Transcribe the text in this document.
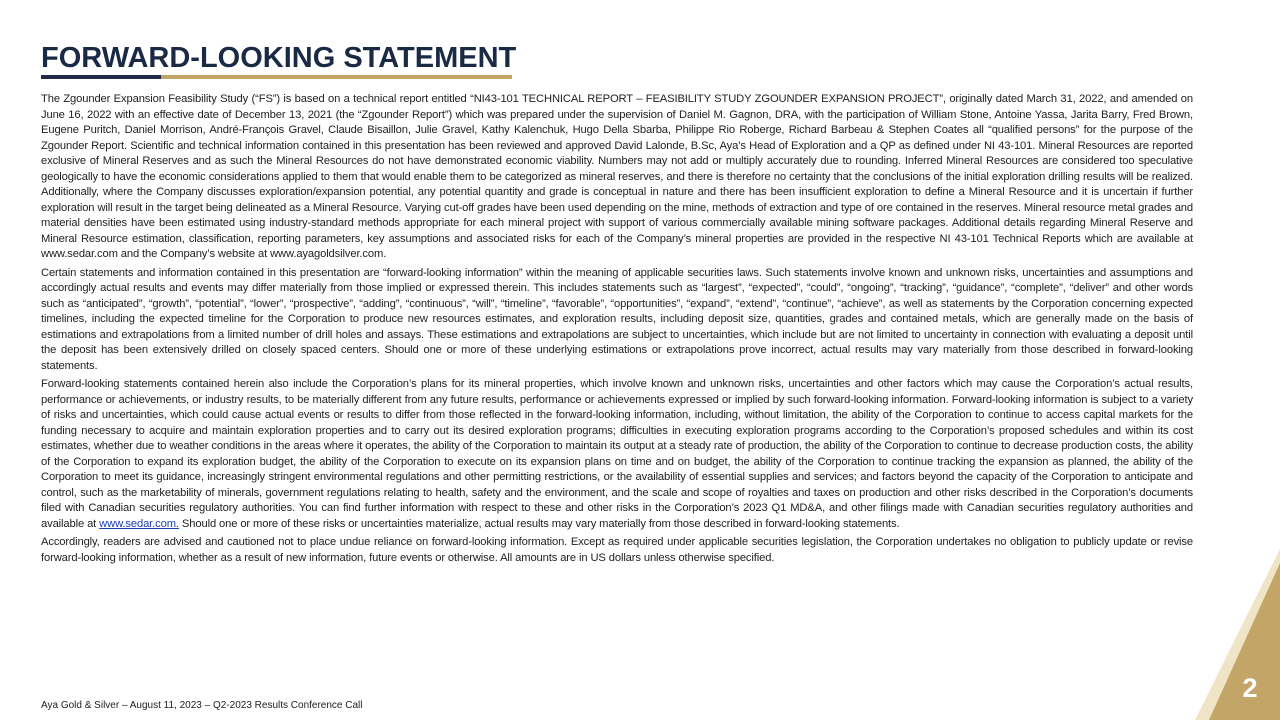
FORWARD-LOOKING STATEMENT

The Zgounder Expansion Feasibility Study (“FS”) is based on a technical report entitled “NI43-101 TECHNICAL REPORT – FEASIBILITY STUDY ZGOUNDER EXPANSION PROJECT”, originally dated March 31, 2022, and amended on June 16, 2022 with an effective date of December 13, 2021 (the “Zgounder Report”) which was prepared under the supervision of Daniel M. Gagnon, DRA, with the participation of William Stone, Antoine Yassa, Jarita Barry, Fred Brown, Eugene Puritch, Daniel Morrison, André-François Gravel, Claude Bisaillon, Julie Gravel, Kathy Kalenchuk, Hugo Della Sbarba, Philippe Rio Roberge, Richard Barbeau & Stephen Coates all “qualified persons” for the purpose of the Zgounder Report. Scientific and technical information contained in this presentation has been reviewed and approved David Lalonde, B.Sc, Aya’s Head of Exploration and a QP as defined under NI 43-101. Mineral Resources are reported exclusive of Mineral Reserves and as such the Mineral Resources do not have demonstrated economic viability. Numbers may not add or multiply accurately due to rounding. Inferred Mineral Resources are considered too speculative geologically to have the economic considerations applied to them that would enable them to be categorized as mineral reserves, and there is therefore no certainty that the conclusions of the initial exploration drilling results will be realized. Additionally, where the Company discusses exploration/expansion potential, any potential quantity and grade is conceptual in nature and there has been insufficient exploration to define a Mineral Resource and it is uncertain if further exploration will result in the target being delineated as a Mineral Resource. Varying cut-off grades have been used depending on the mine, methods of extraction and type of ore contained in the reserves. Mineral resource metal grades and material densities have been estimated using industry-standard methods appropriate for each mineral project with support of various commercially available mining software packages. Additional details regarding Mineral Reserve and Mineral Resource estimation, classification, reporting parameters, key assumptions and associated risks for each of the Company’s mineral properties are provided in the respective NI 43-101 Technical Reports which are available at www.sedar.com and the Company’s website at www.ayagoldsilver.com.

Certain statements and information contained in this presentation are “forward-looking information” within the meaning of applicable securities laws. Such statements involve known and unknown risks, uncertainties and assumptions and accordingly actual results and events may differ materially from those implied or expressed therein. This includes statements such as “largest”, “expected”, “could”, “ongoing”, “tracking”, “guidance”, “complete”, “deliver” and other words such as “anticipated”, “growth”, “potential”, “lower”, “prospective”, “adding”, “continuous”, “will”, “timeline”, “favorable”, “opportunities”, “expand”, “extend”, “continue”, “achieve”, as well as statements by the Corporation concerning expected timelines, including the expected timeline for the Corporation to produce new resources estimates, and exploration results, including deposit size, quantities, grades and contained metals, which are generally made on the basis of estimations and extrapolations from a limited number of drill holes and assays. These estimations and extrapolations are subject to uncertainties, which include but are not limited to uncertainty in connection with evaluating a deposit until the deposit has been extensively drilled on closely spaced centers. Should one or more of these underlying estimations or extrapolations prove incorrect, actual results may vary materially from those described in forward-looking statements.

Forward-looking statements contained herein also include the Corporation’s plans for its mineral properties, which involve known and unknown risks, uncertainties and other factors which may cause the Corporation’s actual results, performance or achievements, or industry results, to be materially different from any future results, performance or achievements expressed or implied by such forward-looking information. Forward-looking information is subject to a variety of risks and uncertainties, which could cause actual events or results to differ from those reflected in the forward-looking information, including, without limitation, the ability of the Corporation to continue to access capital markets for the funding necessary to acquire and maintain exploration properties and to carry out its desired exploration programs; difficulties in executing exploration programs according to the Corporation’s proposed schedules and within its cost estimates, whether due to weather conditions in the areas where it operates, the ability of the Corporation to maintain its output at a steady rate of production, the ability of the Corporation to continue to decrease production costs, the ability of the Corporation to expand its exploration budget, the ability of the Corporation to execute on its expansion plans on time and on budget, the ability of the Corporation to continue tracking the expansion as planned, the ability of the Corporation to meet its guidance, increasingly stringent environmental regulations and other permitting restrictions, or the availability of essential supplies and services; and factors beyond the capacity of the Corporation to anticipate and control, such as the marketability of minerals, government regulations relating to health, safety and the environment, and the scale and scope of royalties and taxes on production and other risks described in the Corporation’s documents filed with Canadian securities regulatory authorities. You can find further information with respect to these and other risks in the Corporation’s 2023 Q1 MD&A, and other filings made with Canadian securities regulatory authorities and available at www.sedar.com. Should one or more of these risks or uncertainties materialize, actual results may vary materially from those described in forward-looking statements.

Accordingly, readers are advised and cautioned not to place undue reliance on forward-looking information. Except as required under applicable securities legislation, the Corporation undertakes no obligation to publicly update or revise forward-looking information, whether as a result of new information, future events or otherwise. All amounts are in US dollars unless otherwise specified.

Aya Gold & Silver – August 11, 2023 – Q2-2023 Results Conference Call
2
